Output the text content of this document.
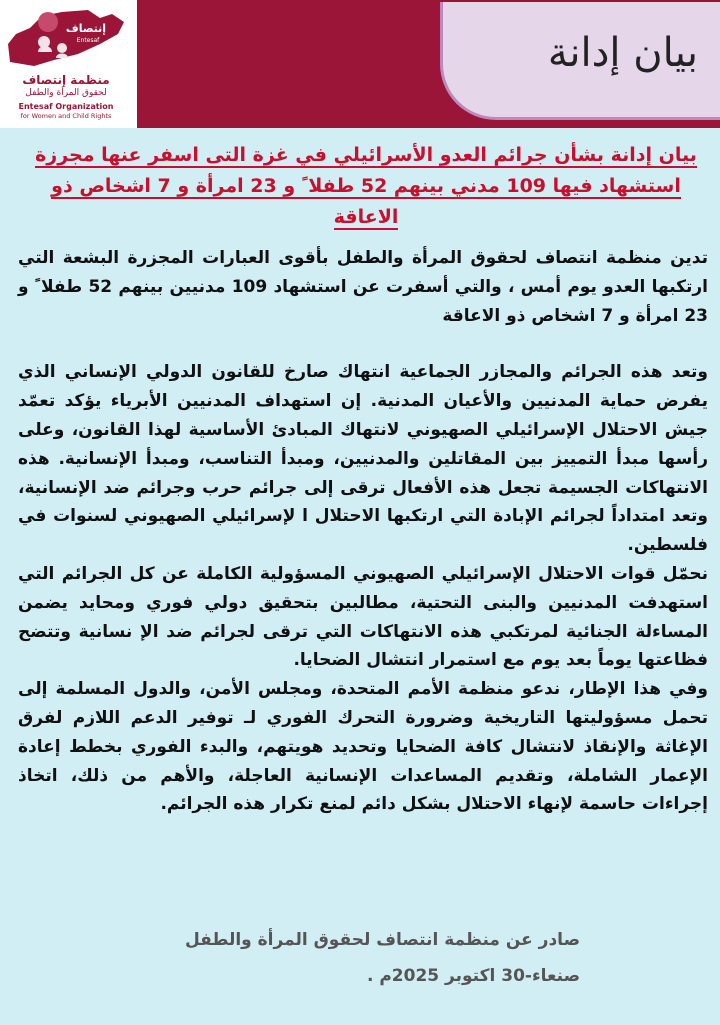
إنتصاف
Entesaf
منظمة إنتصاف
لحقوق المرأة والطفل
Entesaf Organization
for Women and Child Rights
بيان إدانة
بيان إدانة بشأن جرائم العدو الأسرائيلي في غزة التى اسفر عنها مجرزة استشهاد فيها 109 مدني بينهم 52 طفلا ً و 23 امرأة و 7 اشخاص ذو الاعاقة

تدين منظمة انتصاف لحقوق المرأة والطفل بأقوى العبارات المجزرة البشعة التي ارتكبها العدو يوم أمس ، والتي أسفرت عن استشهاد 109 مدنيين بينهم 52 طفلا ً و 23 امرأة و 7 اشخاص ذو الاعاقة

وتعد هذه الجرائم والمجازر الجماعية انتهاك صارخ للقانون الدولي الإنساني الذي يفرض حماية المدنيين والأعيان المدنية. إن استهداف المدنيين الأبرياء يؤكد تعمّد جيش الاحتلال الإسرائيلي الصهيوني لانتهاك المبادئ الأساسية لهذا القانون، وعلى رأسها مبدأ التمييز بين المقاتلين والمدنيين، ومبدأ التناسب، ومبدأ الإنسانية. هذه الانتهاكات الجسيمة تجعل هذه الأفعال ترقى إلى جرائم حرب وجرائم ضد الإنسانية، وتعد امتداداً لجرائم الإبادة التي ارتكبها الاحتلال ا لإسرائيلي الصهيوني لسنوات في فلسطين.

نحمّل قوات الاحتلال الإسرائيلي الصهيوني المسؤولية الكاملة عن كل الجرائم التي استهدفت المدنيين والبنى التحتية، مطالبين بتحقيق دولي فوري ومحايد يضمن المساءلة الجنائية لمرتكبي هذه الانتهاكات التي ترقى لجرائم ضد الإ نسانية وتتضح فظاعتها يوماً بعد يوم مع استمرار انتشال الضحايا.

وفي هذا الإطار، ندعو منظمة الأمم المتحدة، ومجلس الأمن، والدول المسلمة إلى تحمل مسؤوليتها التاريخية وضرورة التحرك الفوري لـ توفير الدعم اللازم لفرق الإغاثة والإنقاذ لانتشال كافة الضحايا وتحديد هويتهم، والبدء الفوري بخطط إعادة الإعمار الشاملة، وتقديم المساعدات الإنسانية العاجلة، والأهم من ذلك، اتخاذ إجراءات حاسمة لإنهاء الاحتلال بشكل دائم لمنع تكرار هذه الجرائم.

صادر عن منظمة انتصاف لحقوق المرأة والطفل
صنعاء-30 اكتوبر 2025م .
